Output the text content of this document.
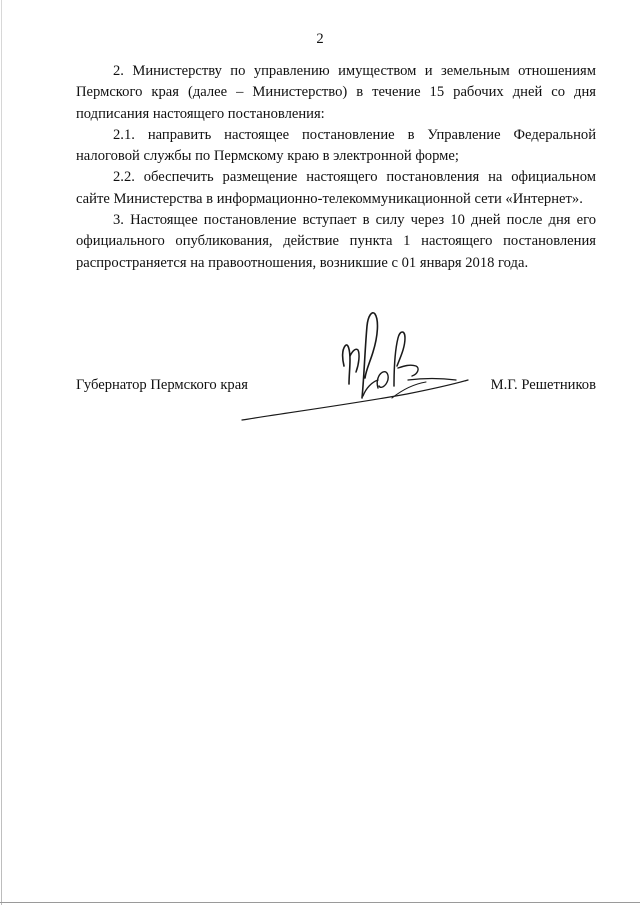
2

2. Министерству по управлению имуществом и земельным отношениям Пермского края (далее – Министерство) в течение 15 рабочих дней со дня подписания настоящего постановления:

2.1. направить настоящее постановление в Управление Федеральной налоговой службы по Пермскому краю в электронной форме;

2.2. обеспечить размещение настоящего постановления на официальном сайте Министерства в информационно-телекоммуникационной сети «Интернет».

3. Настоящее постановление вступает в силу через 10 дней после дня его официального опубликования, действие пункта 1 настоящего постановления распространяется на правоотношения, возникшие с 01 января 2018 года.

Губернатор Пермского края	М.Г. Решетников
